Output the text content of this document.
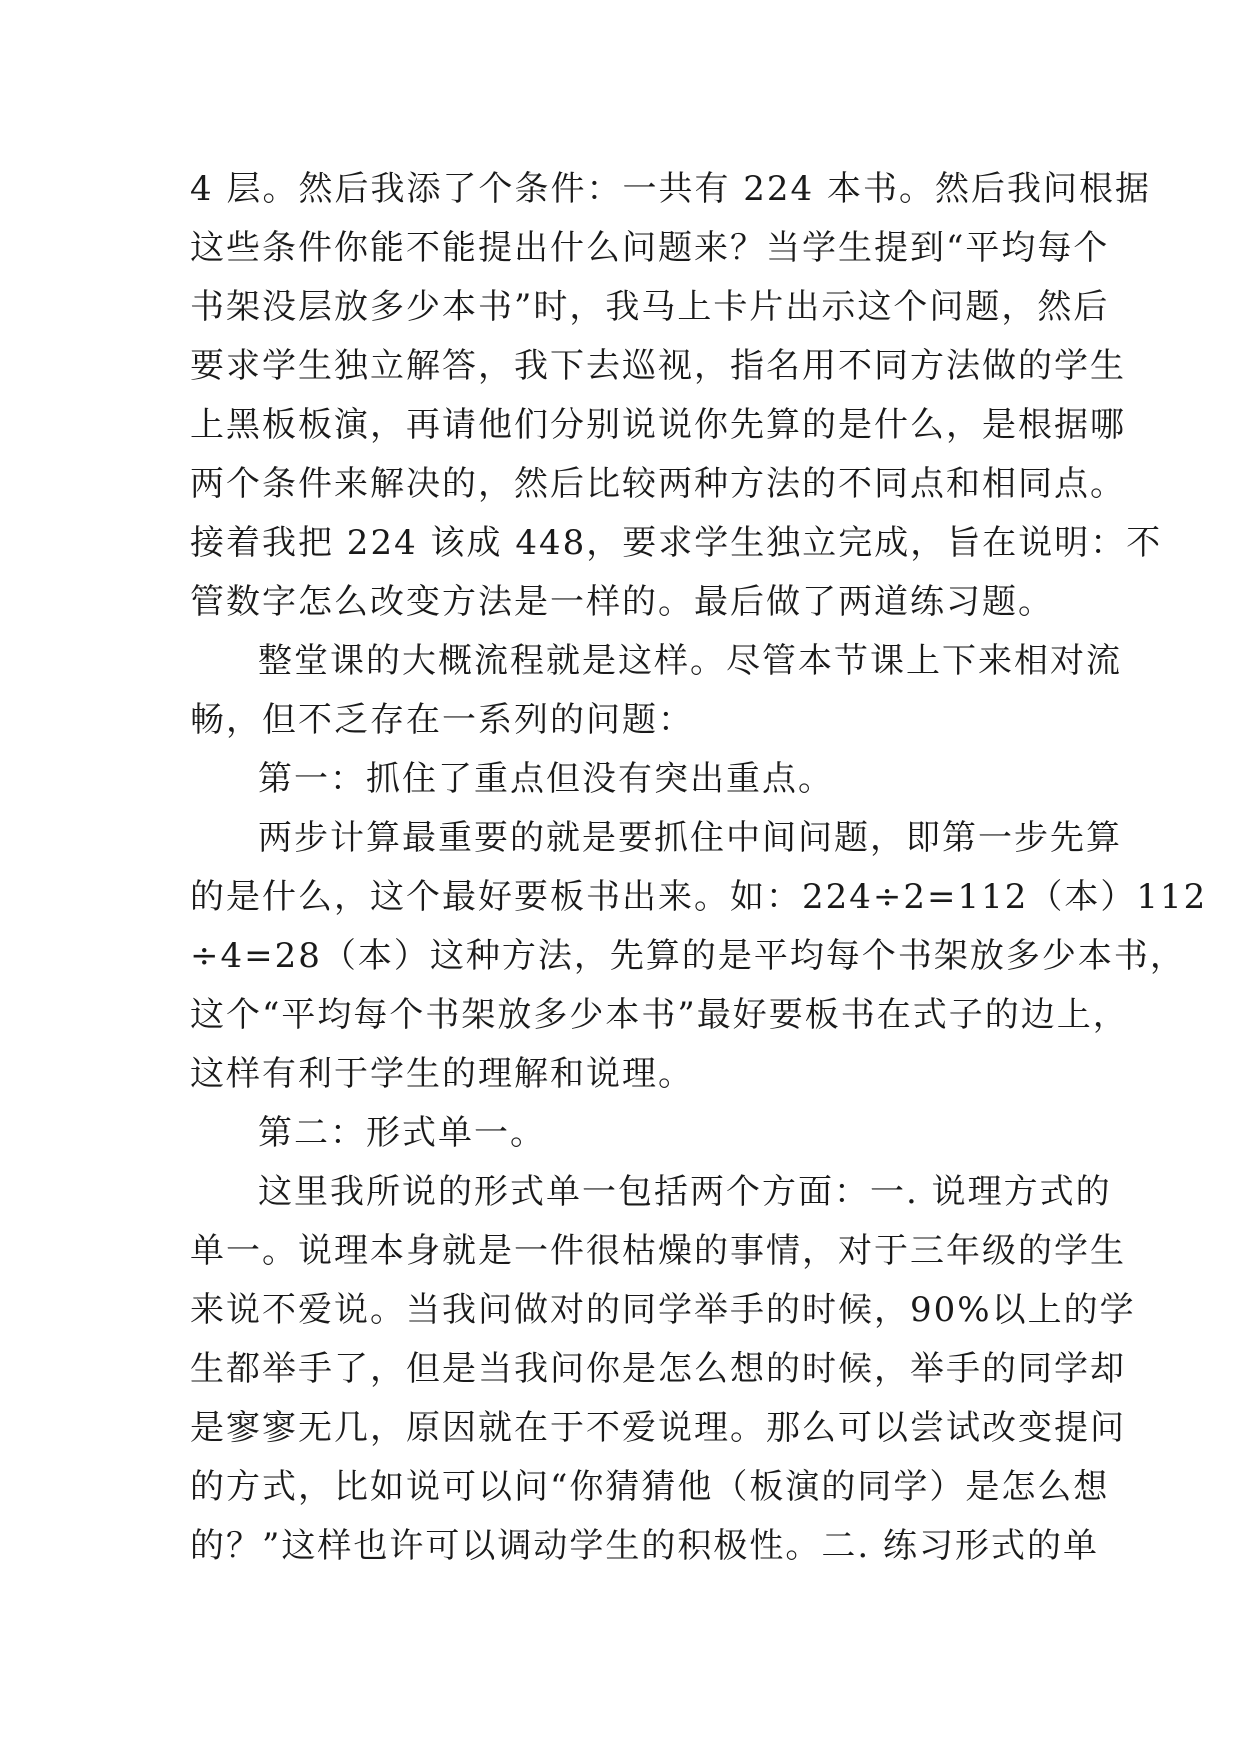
4 层。然后我添了个条件：一共有 224 本书。然后我问根据
这些条件你能不能提出什么问题来？当学生提到“平均每个
书架没层放多少本书”时，我马上卡片出示这个问题，然后
要求学生独立解答，我下去巡视，指名用不同方法做的学生
上黑板板演，再请他们分别说说你先算的是什么，是根据哪
两个条件来解决的，然后比较两种方法的不同点和相同点。
接着我把 224 该成 448，要求学生独立完成，旨在说明：不
管数字怎么改变方法是一样的。最后做了两道练习题。
整堂课的大概流程就是这样。尽管本节课上下来相对流
畅，但不乏存在一系列的问题：
第一：抓住了重点但没有突出重点。
两步计算最重要的就是要抓住中间问题，即第一步先算
的是什么，这个最好要板书出来。如：224÷2=112（本）112
÷4=28（本）这种方法，先算的是平均每个书架放多少本书，
这个“平均每个书架放多少本书”最好要板书在式子的边上，
这样有利于学生的理解和说理。
第二：形式单一。
这里我所说的形式单一包括两个方面：一. 说理方式的
单一。说理本身就是一件很枯燥的事情，对于三年级的学生
来说不爱说。当我问做对的同学举手的时候，90%以上的学
生都举手了，但是当我问你是怎么想的时候，举手的同学却
是寥寥无几，原因就在于不爱说理。那么可以尝试改变提问
的方式，比如说可以问“你猜猜他（板演的同学）是怎么想
的？”这样也许可以调动学生的积极性。二. 练习形式的单
